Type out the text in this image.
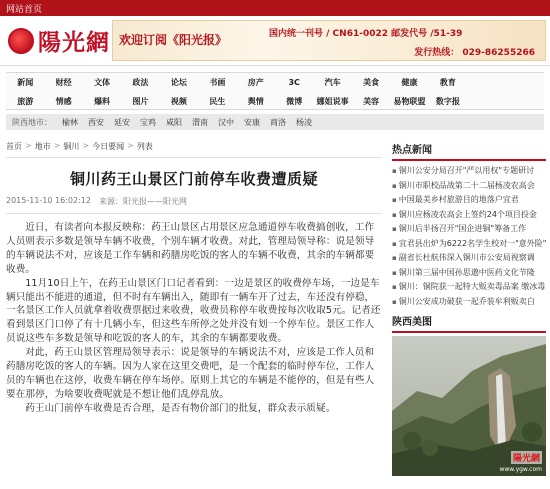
网站首页
陽光網 欢迎订阅《阳光报》	国内统一刊号 / CN61-0022 邮发代号 /51-39
发行热线： 029-86255266
新闻	财经	文体	政法	论坛	书画	房产	3C	汽车	美食	健康	教育
旅游	情感	爆料	图片	视频	民生	舆情	微博	娜姐说事	美容	易物联盟	数字报
陕西地市： 榆林 西安 延安 宝鸡 咸阳 渭南 汉中 安康 商洛 杨凌
首页 > 地市 > 铜川 > 今日要闻 > 列表
铜川药王山景区门前停车收费遭质疑
2015-11-10 16:02:12 来源：阳光报——阳光网

近日，有读者向本报反映称：药王山景区占用景区应急通道停车收费搞创收，工作人员则表示多数是领导车辆不收费，个别车辆才收费。对此，管理局领导称：说是领导的车辆说法不对，应该是工作车辆和药膳房吃饭的客人的车辆不收费，其余的车辆都要收费。

11月10日上午，在药王山景区门口记者看到：一边是景区的收费停车场，一边是车辆只能出不能进的通道，但不时有车辆出入，随即有一辆车开了过去，车还没有停稳，一名景区工作人员就拿着收费票据过来收费，收费员称停车收费按每次收取5元。记者还看到景区门口停了有十几辆小车，但这些车所停之处并没有划一个停车位。景区工作人员说这些车多数是领导和吃饭的客人的车，其余的车辆都要收费。

对此，药王山景区管理局领导表示：说是领导的车辆说法不对，应该是工作人员和药膳房吃饭的客人的车辆。因为人家在这里交费吧，是一个配套的临时停车位，工作人员的车辆也在这停，收费车辆在停车场停。原则上其它的车辆是不能停的，但是有些人要在那停，为啥要收费呢就是不想让他们乱停乱放。

药王山门前停车收费是否合理，是否有物价部门的批复，群众表示质疑。

热点新闻
▪ 铜川公安分局召开"严以用权"专题研讨
▪ 铜川市职校品战第二十二届杨凌农高会
▪ 中国最美乡村旅游目的地落户宜君
▪ 铜川应杨凌农高会上签约24个项目投金
▪ 铜川后半扬召开"国企进铜"筹备工作
▪ 宜君县出炉为6222名学生校对一"意外险"
▪ 副省长杜航伟深入铜川市公安局视察调
▪ 铜川第三届中国孙思邈中医药文化节隆
▪ 铜川：铜院获一起特大贩卖毒品案 缴冰毒
▪ 铜川公安成功破获一起乔装牟利贩卖白
陕西美图
陽光網
www.ygw.com
